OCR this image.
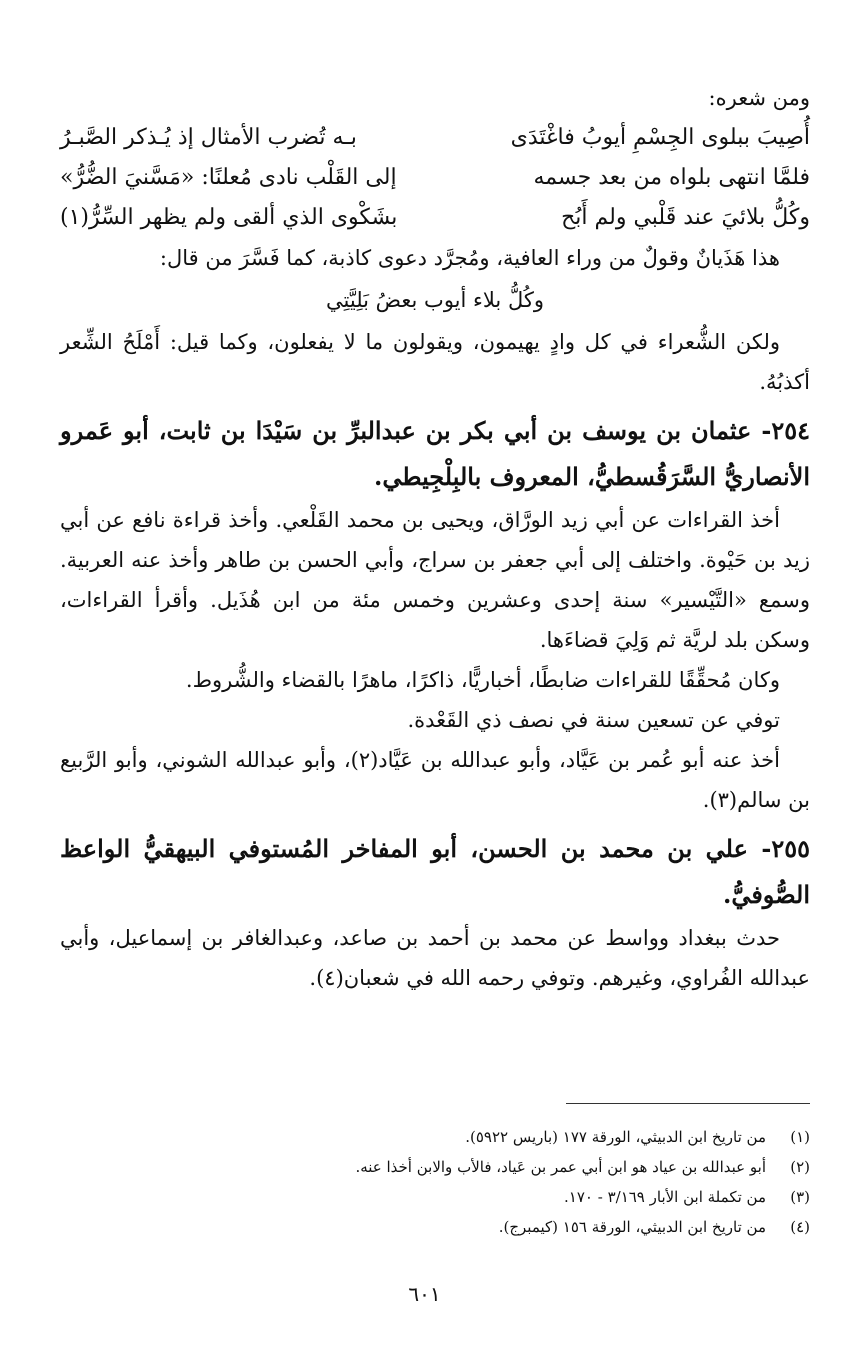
ومن شعره:
أُصِيبَ ببلوى الجِسْمِ أيوبُ فاغْتَدَى
بـه تُضرب الأمثال إذ يُـذكر الصَّبـرُ
فلمَّا انتهى بلواه من بعد جسمه
إلى القَلْب نادى مُعلنًا: «مَسَّنيَ الضُّرُّ»
وكُلُّ بلائيَ عند قَلْبي ولم أَبُح
بشَكْوى الذي ألقى ولم يظهر السِّرُّ(١)
هذا هَذَيانٌ وقولٌ من وراء العافية، ومُجرَّد دعوى كاذبة، كما فَسَّرَ من قال:
وكُلُّ بلاء أيوب بعضُ بَلِيَّتِي
ولكن الشُّعراء في كل وادٍ يهيمون، ويقولون ما لا يفعلون، وكما قيل: أَمْلَحُ الشِّعر أكذبُهُ.
٢٥٤- عثمان بن يوسف بن أبي بكر بن عبدالبرِّ بن سَيْدَا بن ثابت، أبو عَمرو الأنصاريُّ السَّرَقُسطيُّ، المعروف بالبِلْجِيطي.
أخذ القراءات عن أبي زيد الورَّاق، ويحيى بن محمد القَلْعي. وأخذ قراءة نافع عن أبي زيد بن حَيْوة. واختلف إلى أبي جعفر بن سراج، وأبي الحسن بن طاهر وأخذ عنه العربية. وسمع «التَّيْسير» سنة إحدى وعشرين وخمس مئة من ابن هُذَيل. وأقرأ القراءات، وسكن بلد لريَّة ثم وَلِيَ قضاءَها.
وكان مُحقِّقًا للقراءات ضابطًا، أخباريًّا، ذاكرًا، ماهرًا بالقضاء والشُّروط.
توفي عن تسعين سنة في نصف ذي القَعْدة.
أخذ عنه أبو عُمر بن عَيَّاد، وأبو عبدالله بن عَيَّاد(٢)، وأبو عبدالله الشوني، وأبو الرَّبيع بن سالم(٣).
٢٥٥- علي بن محمد بن الحسن، أبو المفاخر المُستوفي البيهقيُّ الواعظ الصُّوفيُّ.
حدث ببغداد وواسط عن محمد بن أحمد بن صاعد، وعبدالغافر بن إسماعيل، وأبي عبدالله الفُراوي، وغيرهم. وتوفي رحمه الله في شعبان(٤).
(١)من تاريخ ابن الدبيثي، الورقة ١٧٧ (باريس ٥٩٢٢).
(٢)أبو عبدالله بن عياد هو ابن أبي عمر بن عَياد، فالأب والابن أخذا عنه.
(٣)من تكملة ابن الأبار ٣/١٦٩ - ١٧٠.
(٤)من تاريخ ابن الدبيثي، الورقة ١٥٦ (كيمبرج).
٦٠١
